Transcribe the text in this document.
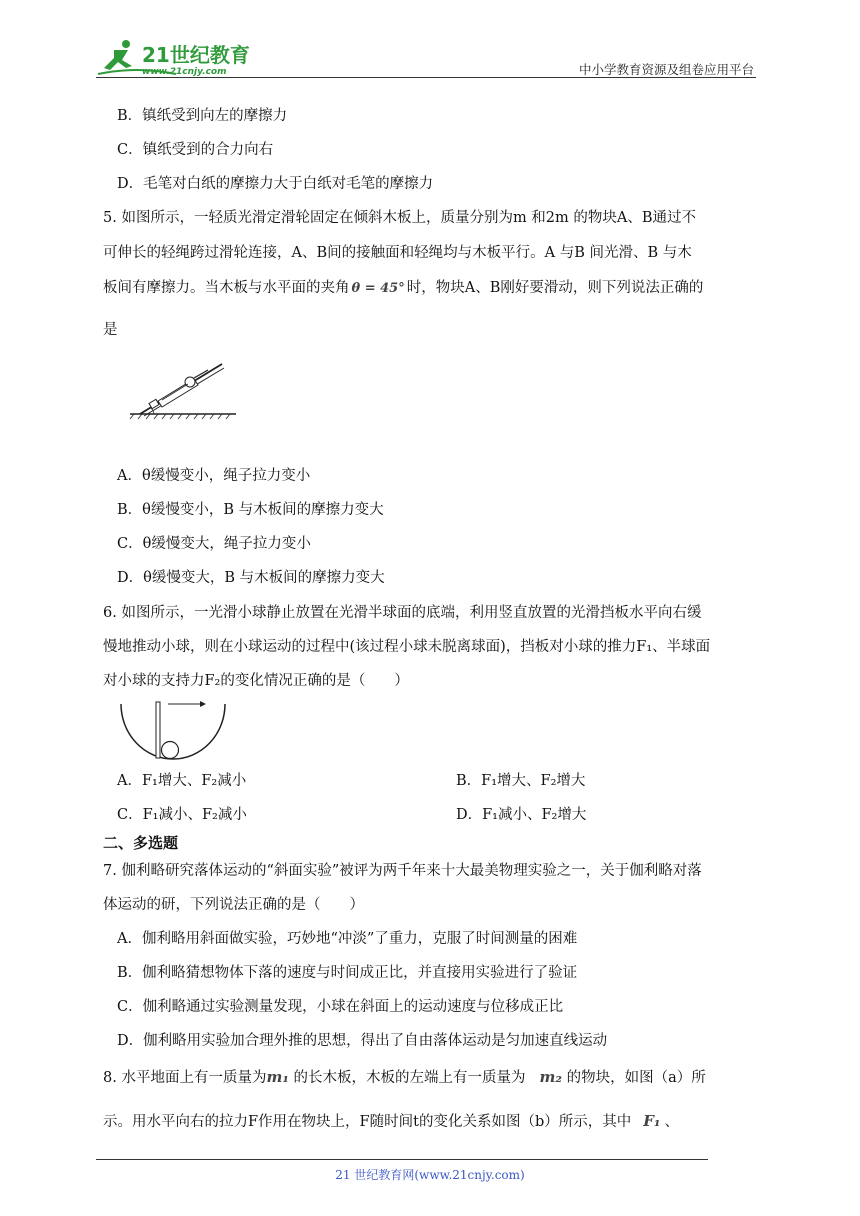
21世纪教育
www.21cnjy.com	中小学教育资源及组卷应用平台
B．镇纸受到向左的摩擦力
C．镇纸受到的合力向右
D．毛笔对白纸的摩擦力大于白纸对毛笔的摩擦力
5. 如图所示，一轻质光滑定滑轮固定在倾斜木板上，质量分别为m 和2m 的物块A、B通过不
可伸长的轻绳跨过滑轮连接，A、B间的接触面和轻绳均与木板平行。A 与B 间光滑、B 与木
板间有摩擦力。当木板与水平面的夹角 θ = 45° 时，物块A、B刚好要滑动，则下列说法正确的
是
A．θ缓慢变小，绳子拉力变小
B．θ缓慢变小，B 与木板间的摩擦力变大
C．θ缓慢变大，绳子拉力变小
D．θ缓慢变大，B 与木板间的摩擦力变大
6. 如图所示，一光滑小球静止放置在光滑半球面的底端，利用竖直放置的光滑挡板水平向右缓
慢地推动小球，则在小球运动的过程中(该过程小球未脱离球面)，挡板对小球的推力F₁、半球面
对小球的支持力F₂的变化情况正确的是（　　）
A．F₁增大、F₂减小	B．F₁增大、F₂增大
C．F₁减小、F₂减小	D．F₁减小、F₂增大
二、多选题
7. 伽利略研究落体运动的“斜面实验”被评为两千年来十大最美物理实验之一，关于伽利略对落
体运动的研，下列说法正确的是（　　）
A．伽利略用斜面做实验，巧妙地“冲淡”了重力，克服了时间测量的困难
B．伽利略猜想物体下落的速度与时间成正比，并直接用实验进行了验证
C．伽利略通过实验测量发现，小球在斜面上的运动速度与位移成正比
D．伽利略用实验加合理外推的思想，得出了自由落体运动是匀加速直线运动
8. 水平地面上有一质量为m₁ 的长木板，木板的左端上有一质量为 m₂ 的物块，如图（a）所
示。用水平向右的拉力F作用在物块上，F随时间t的变化关系如图（b）所示，其中 F₁ 、
21 世纪教育网(www.21cnjy.com)
